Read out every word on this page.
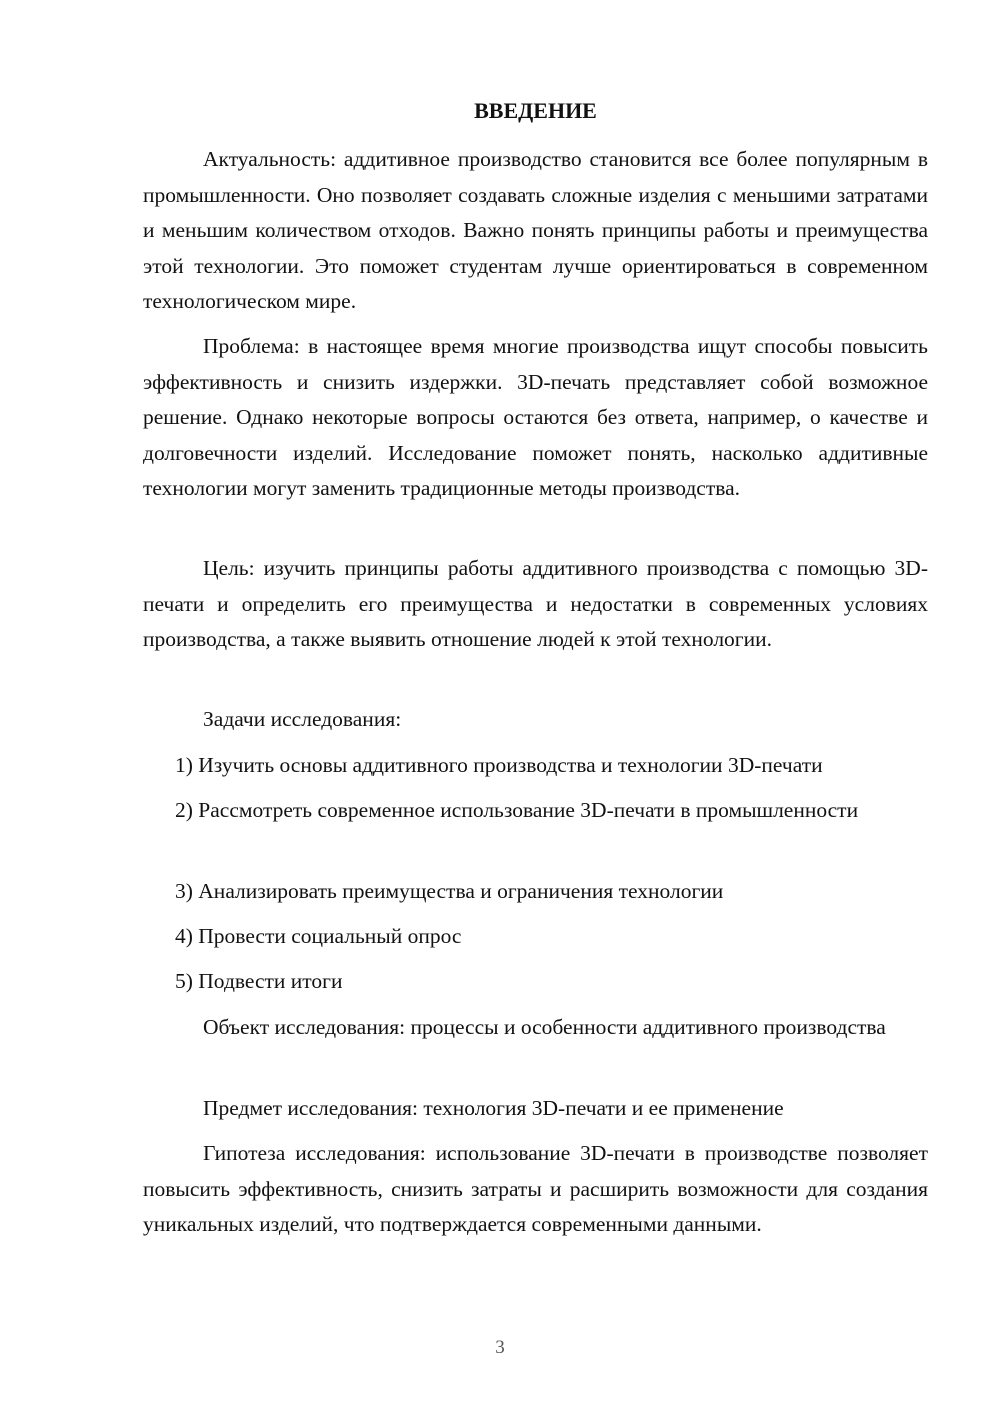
ВВЕДЕНИЕ

Актуальность: аддитивное производство становится все более популярным в промышленности. Оно позволяет создавать сложные изделия с меньшими затратами и меньшим количеством отходов. Важно понять принципы работы и преимущества этой технологии. Это поможет студентам лучше ориентироваться в современном технологическом мире.

Проблема: в настоящее время многие производства ищут способы повысить эффективность и снизить издержки. 3D-печать представляет собой возможное решение. Однако некоторые вопросы остаются без ответа, например, о качестве и долговечности изделий. Исследование поможет понять, насколько аддитивные технологии могут заменить традиционные методы производства.

Цель: изучить принципы работы аддитивного производства с помощью 3D-печати и определить его преимущества и недостатки в современных условиях производства, а также выявить отношение людей к этой технологии.

Задачи исследования:

1) Изучить основы аддитивного производства и технологии 3D-печати

2) Рассмотреть современное использование 3D-печати в промышленности

3) Анализировать преимущества и ограничения технологии

4) Провести социальный опрос

5) Подвести итоги

Объект исследования: процессы и особенности аддитивного производства

Предмет исследования: технология 3D-печати и ее применение

Гипотеза исследования: использование 3D-печати в производстве позволяет повысить эффективность, снизить затраты и расширить возможности для создания уникальных изделий, что подтверждается современными данными.

3
